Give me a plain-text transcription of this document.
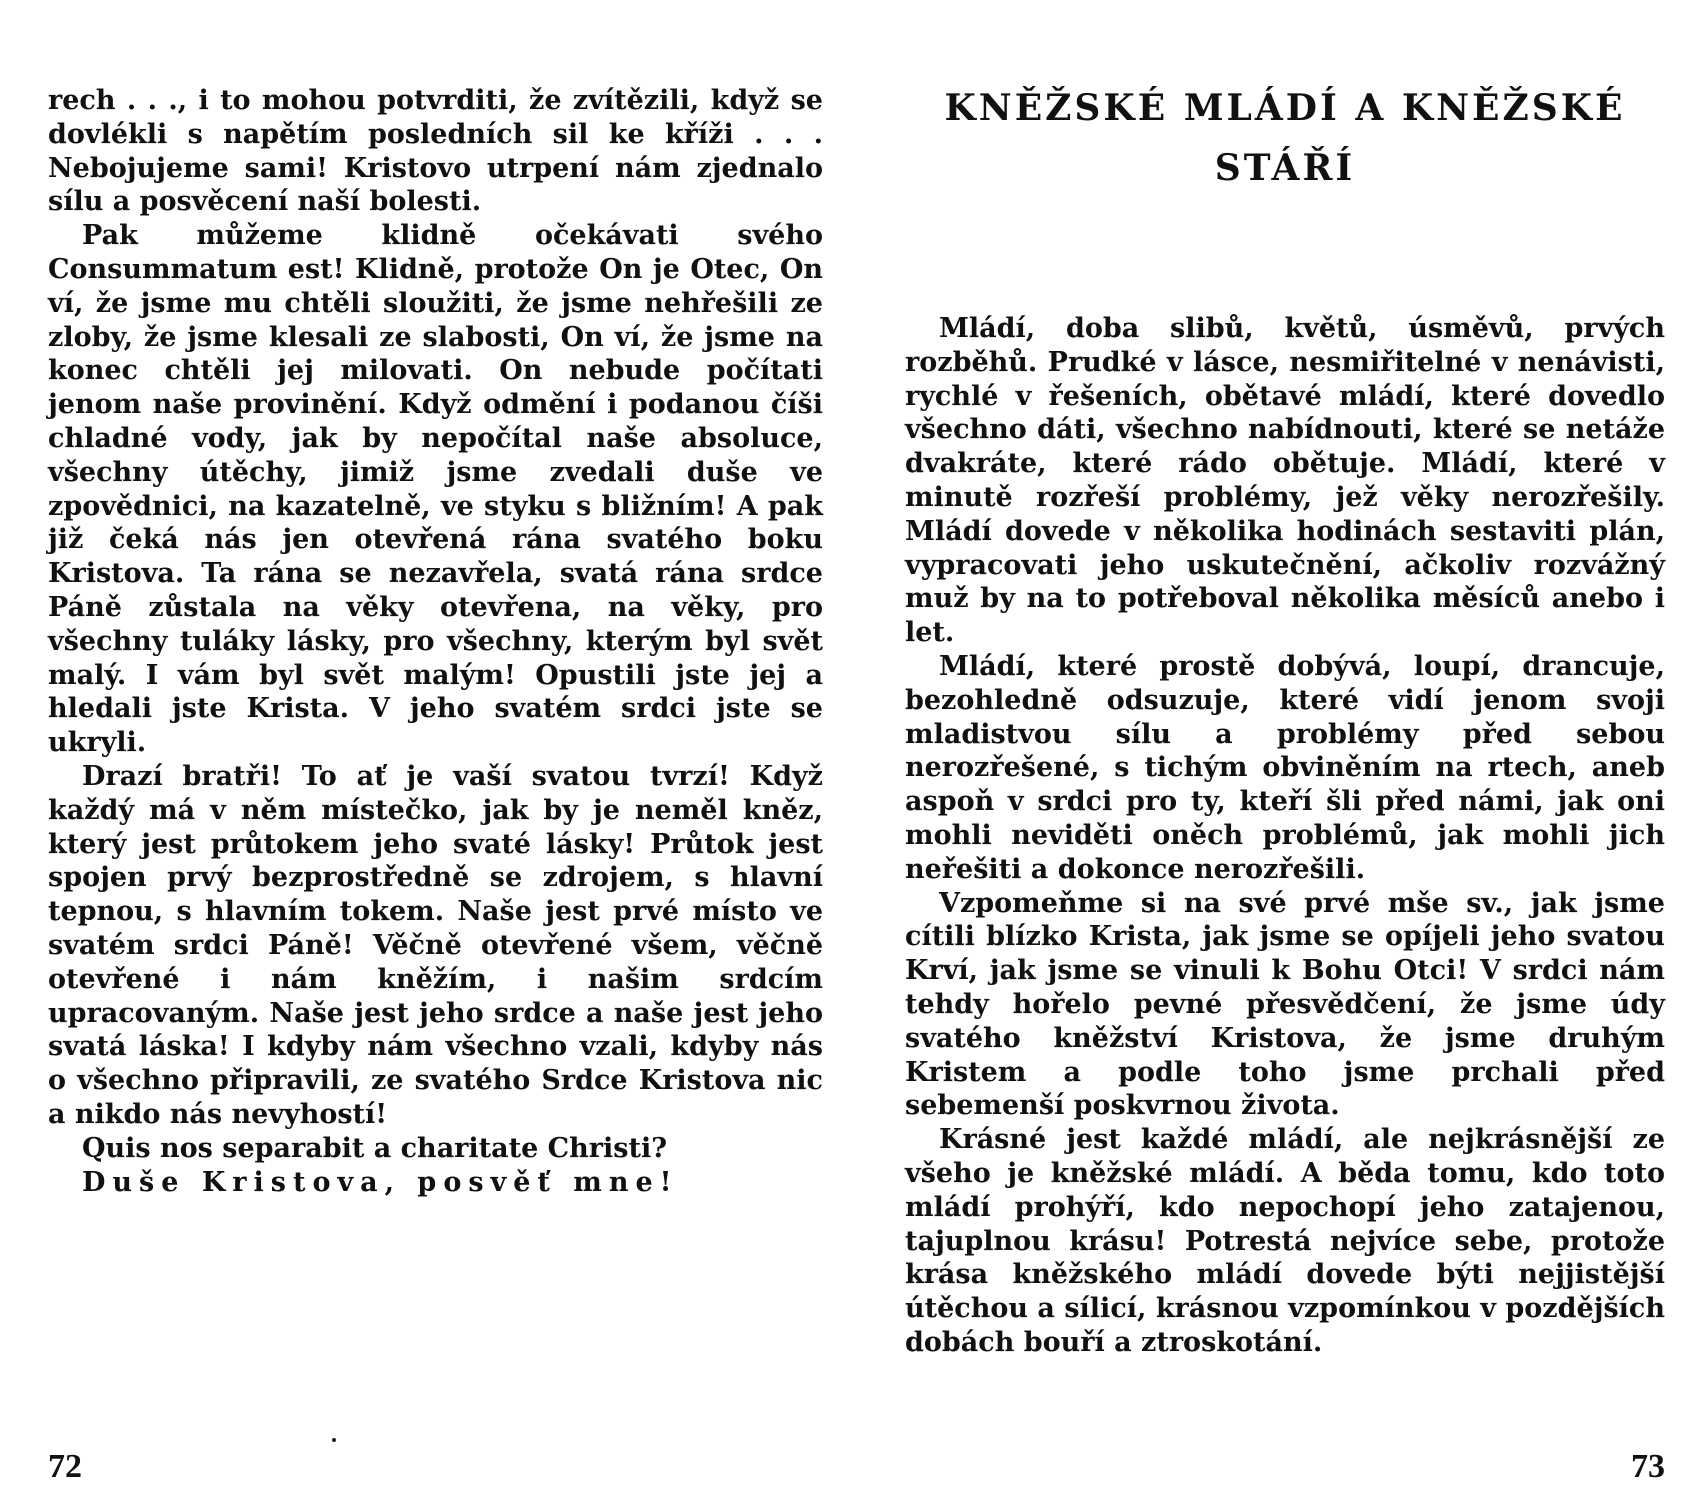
rech . . ., i to mohou potvrditi, že zvítězili, když se dovlékli s napětím posledních sil ke kříži . . . Nebojujeme sami! Kristovo utrpení nám zjednalo sílu a posvěcení naší bolesti.

Pak můžeme klidně očekávati svého Consummatum est! Klidně, protože On je Otec, On ví, že jsme mu chtěli sloužiti, že jsme nehřešili ze zloby, že jsme klesali ze slabosti, On ví, že jsme na konec chtěli jej milovati. On nebude počítati jenom naše provinění. Když odmění i podanou číši chladné vody, jak by nepočítal naše absoluce, všechny útěchy, jimiž jsme zvedali duše ve zpovědnici, na kazatelně, ve styku s bližním! A pak již čeká nás jen otevřená rána svatého boku Kristova. Ta rána se nezavřela, svatá rána srdce Páně zůstala na věky otevřena, na věky, pro všechny tuláky lásky, pro všechny, kterým byl svět malý. I vám byl svět malým! Opustili jste jej a hledali jste Krista. V jeho svatém srdci jste se ukryli.

Drazí bratři! To ať je vaší svatou tvrzí! Když každý má v něm místečko, jak by je neměl kněz, který jest průtokem jeho svaté lásky! Průtok jest spojen prvý bezprostředně se zdrojem, s hlavní tepnou, s hlavním tokem. Naše jest prvé místo ve svatém srdci Páně! Věčně otevřené všem, věčně otevřené i nám kněžím, i našim srdcím upracovaným. Naše jest jeho srdce a naše jest jeho svatá láska! I kdyby nám všechno vzali, kdyby nás o všechno připravili, ze svatého Srdce Kristova nic a nikdo nás nevyhostí!

Quis nos separabit a charitate Christi?

Duše Kristova, posvěť mne!

72
KNĚŽSKÉ MLÁDÍ A KNĚŽSKÉ
STÁŘÍ

Mládí, doba slibů, květů, úsměvů, prvých rozběhů. Prudké v lásce, nesmiřitelné v nenávisti, rychlé v řešeních, obětavé mládí, které dovedlo všechno dáti, všechno nabídnouti, které se netáže dvakráte, které rádo obětuje. Mládí, které v minutě rozřeší problémy, jež věky nerozřešily. Mládí dovede v několika hodinách sestaviti plán, vypracovati jeho uskutečnění, ačkoliv rozvážný muž by na to potřeboval několika měsíců anebo i let.

Mládí, které prostě dobývá, loupí, drancuje, bezohledně odsuzuje, které vidí jenom svoji mladistvou sílu a problémy před sebou nerozřešené, s tichým obviněním na rtech, aneb aspoň v srdci pro ty, kteří šli před námi, jak oni mohli neviděti oněch problémů, jak mohli jich neřešiti a dokonce nerozřešili.

Vzpomeňme si na své prvé mše sv., jak jsme cítili blízko Krista, jak jsme se opíjeli jeho svatou Krví, jak jsme se vinuli k Bohu Otci! V srdci nám tehdy hořelo pevné přesvědčení, že jsme údy svatého kněžství Kristova, že jsme druhým Kristem a podle toho jsme prchali před sebemenší poskvrnou života.

Krásné jest každé mládí, ale nejkrásnější ze všeho je kněžské mládí. A běda tomu, kdo toto mládí prohýří, kdo nepochopí jeho zatajenou, tajuplnou krásu! Potrestá nejvíce sebe, protože krása kněžského mládí dovede býti nejjistější útěchou a sílicí, krásnou vzpomínkou v pozdějších dobách bouří a ztroskotání.

73
